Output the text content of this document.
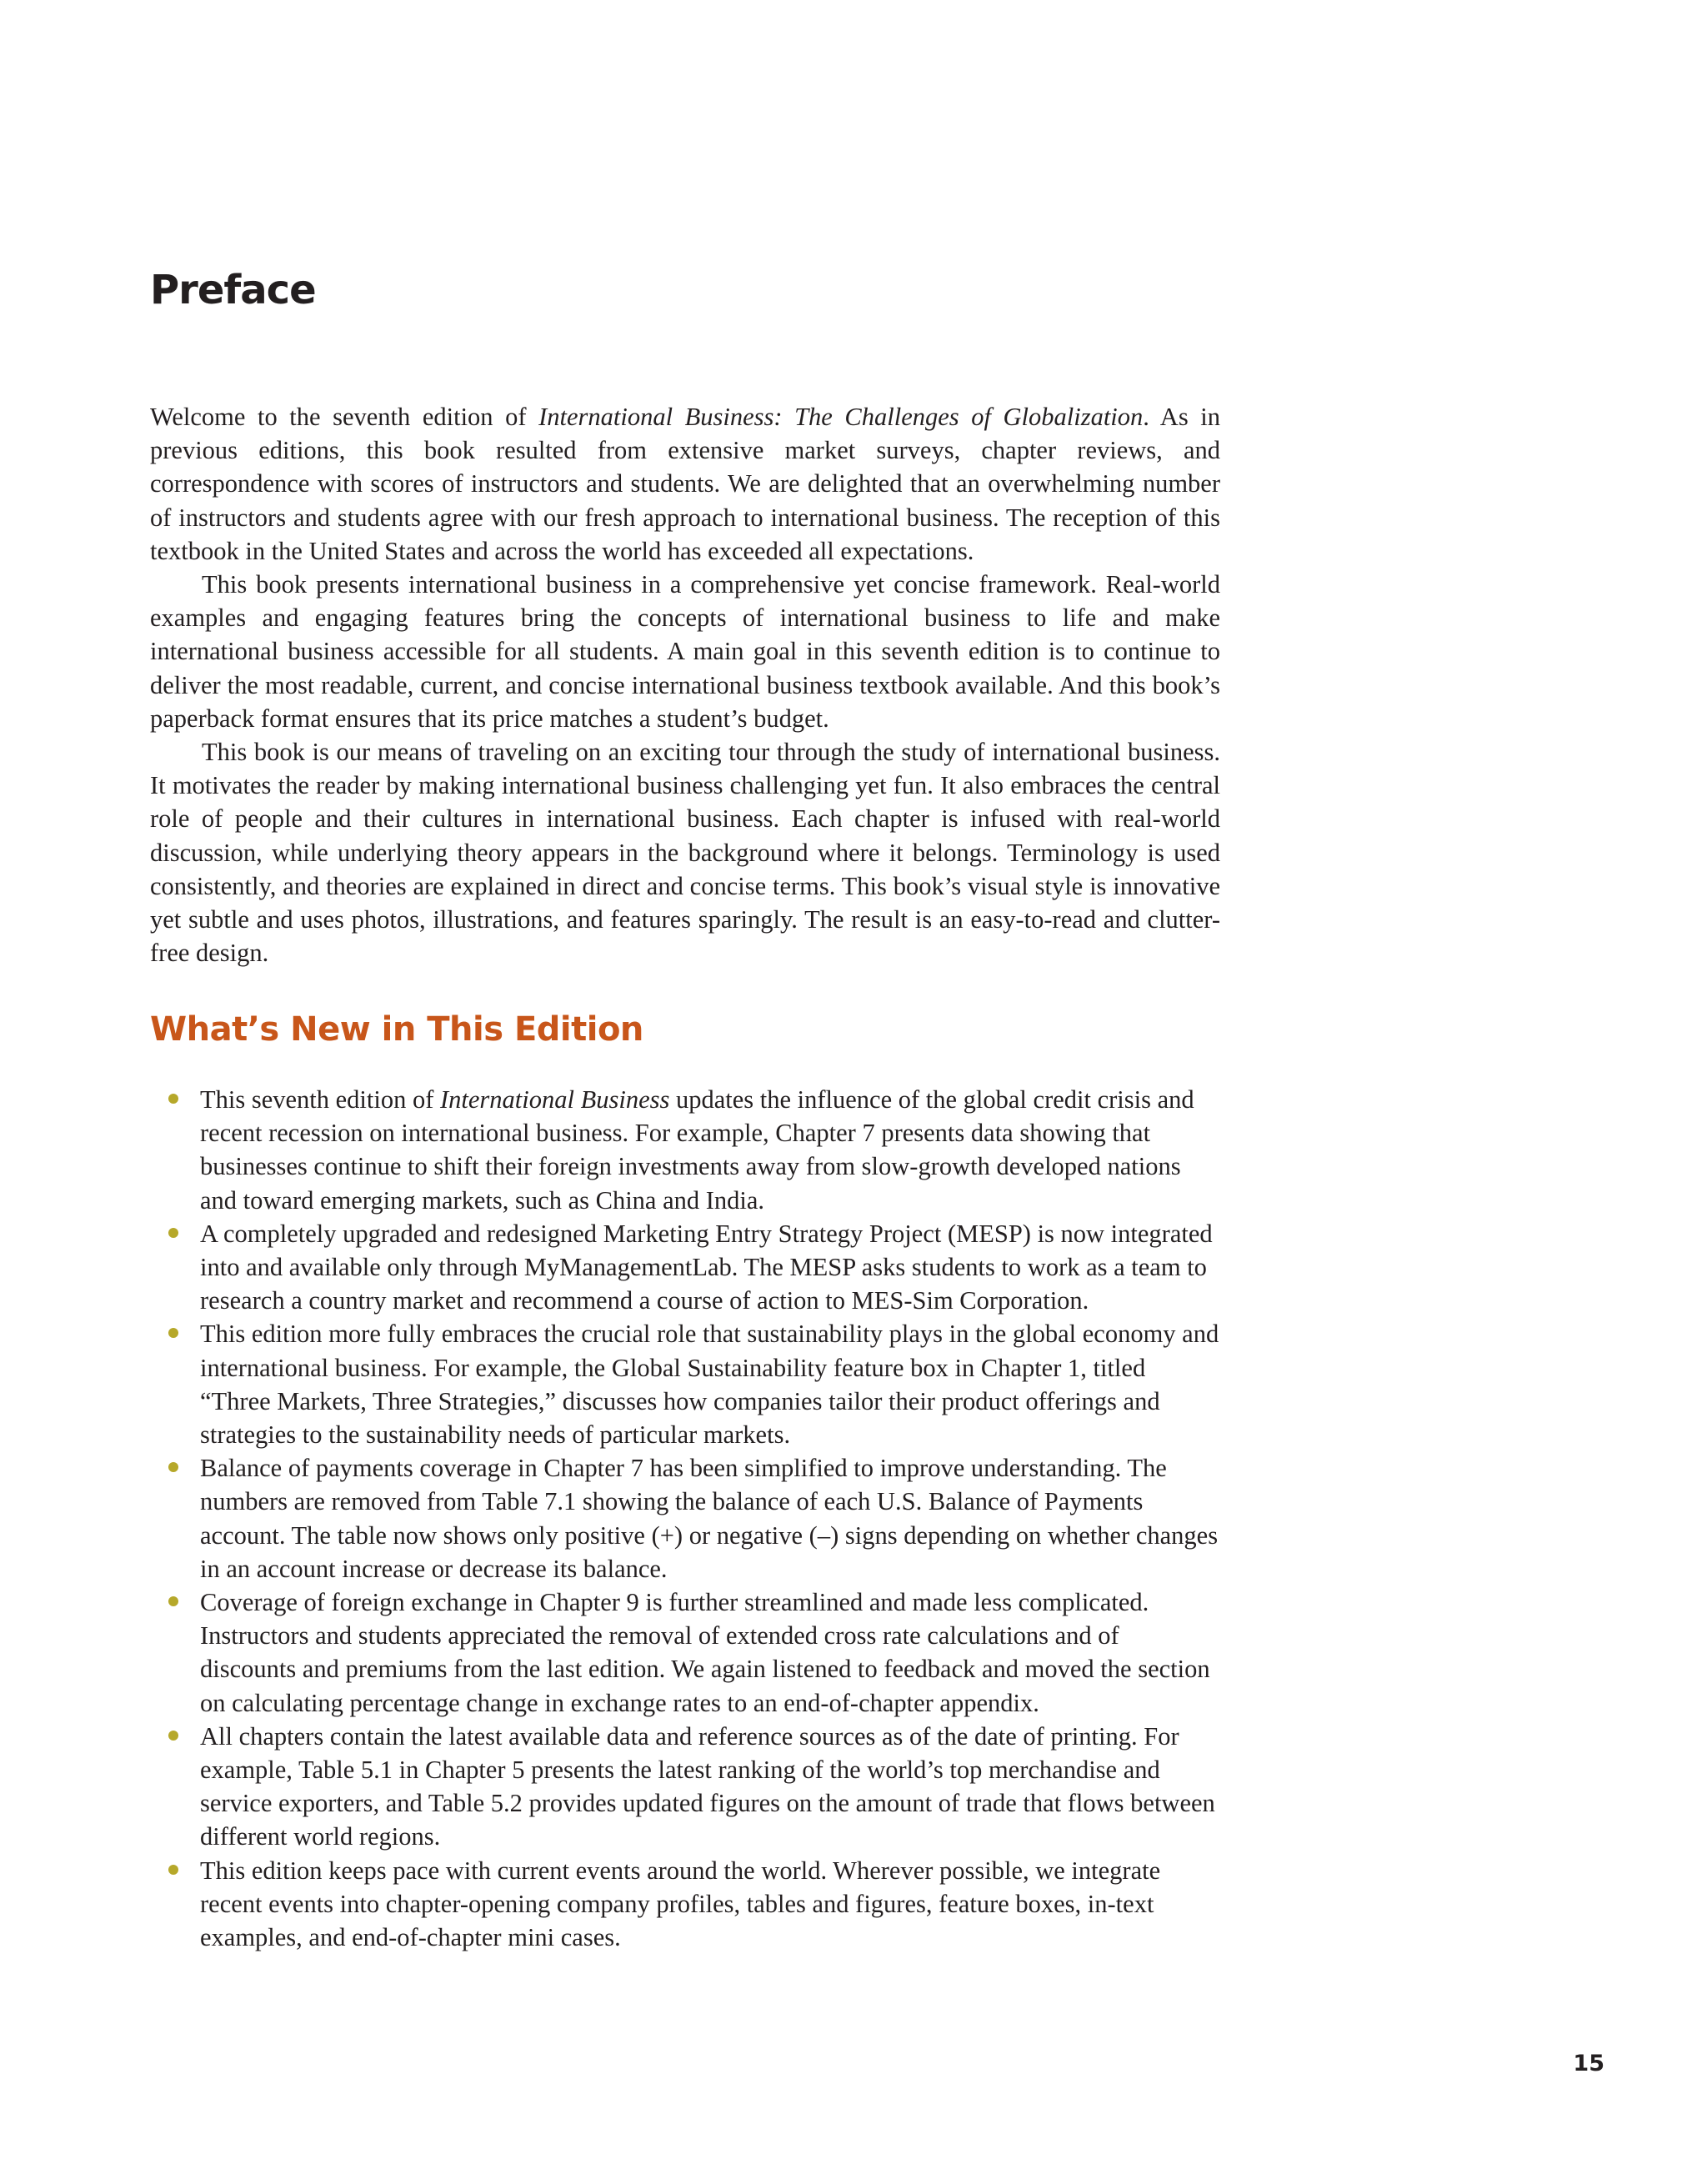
Preface

Welcome to the seventh edition of International Business: The Challenges of Globalization. As in previous editions, this book resulted from extensive market surveys, chapter reviews, and correspondence with scores of instructors and students. We are delighted that an overwhelming number of instructors and students agree with our fresh approach to international business. The reception of this textbook in the United States and across the world has exceeded all expectations.

This book presents international business in a comprehensive yet concise framework. Real-world examples and engaging features bring the concepts of international business to life and make international business accessible for all students. A main goal in this seventh edition is to continue to deliver the most readable, current, and concise international business textbook available. And this book’s paperback format ensures that its price matches a student’s budget.

This book is our means of traveling on an exciting tour through the study of international business. It motivates the reader by making international business challenging yet fun. It also embraces the central role of people and their cultures in international business. Each chapter is infused with real-world discussion, while underlying theory appears in the background where it belongs. Terminology is used consistently, and theories are explained in direct and concise terms. This book’s visual style is innovative yet subtle and uses photos, illustrations, and features sparingly. The result is an easy-to-read and clutter-free design.

What’s New in This Edition
This seventh edition of International Business updates the influence of the global credit crisis and recent recession on international business. For example, Chapter 7 presents data showing that businesses continue to shift their foreign investments away from slow-growth developed nations and toward emerging markets, such as China and India.
A completely upgraded and redesigned Marketing Entry Strategy Project (MESP) is now integrated into and available only through MyManagementLab. The MESP asks students to work as a team to research a country market and recommend a course of action to MES-Sim Corporation.
This edition more fully embraces the crucial role that sustainability plays in the global economy and international business. For example, the Global Sustainability feature box in Chapter 1, titled “Three Markets, Three Strategies,” discusses how companies tailor their product offerings and strategies to the sustainability needs of particular markets.
Balance of payments coverage in Chapter 7 has been simplified to improve understanding. The numbers are removed from Table 7.1 showing the balance of each U.S. Balance of Payments account. The table now shows only positive (+) or negative (–) signs depending on whether changes in an account increase or decrease its balance.
Coverage of foreign exchange in Chapter 9 is further streamlined and made less complicated. Instructors and students appreciated the removal of extended cross rate calculations and of discounts and premiums from the last edition. We again listened to feedback and moved the section on calculating percentage change in exchange rates to an end-of-chapter appendix.
All chapters contain the latest available data and reference sources as of the date of printing. For example, Table 5.1 in Chapter 5 presents the latest ranking of the world’s top merchandise and service exporters, and Table 5.2 provides updated figures on the amount of trade that flows between different world regions.
This edition keeps pace with current events around the world. Wherever possible, we integrate recent events into chapter-opening company profiles, tables and figures, feature boxes, in-text examples, and end-of-chapter mini cases.
15
